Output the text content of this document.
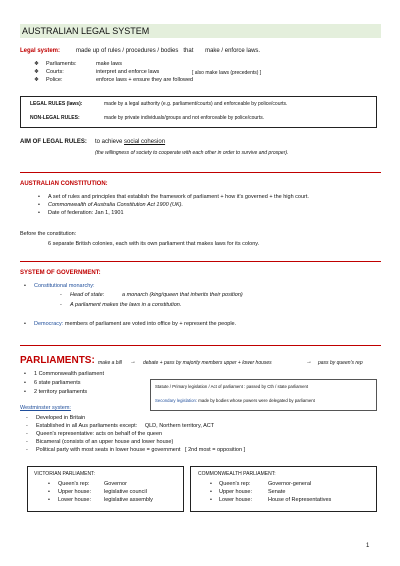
AUSTRALIAN LEGAL SYSTEM
Legal system:	made up of rules / procedures / bodies   that       make / enforce laws.
❖ Parliaments:	make laws
❖ Courts:	interpret and enforce laws	[ also make laws (precedents) ]
❖ Police:	enforce laws + ensure they are followed
LEGAL RULES (laws):	made by a legal authority (e.g. parliament/courts) and enforceable by police/courts.
NON-LEGAL RULES:	made by private individuals/groups and not enforceable by police/courts.
AIM OF LEGAL RULES: to achieve social cohesion
(the willingness of society to cooperate with each other in order to survive and prosper).
AUSTRALIAN CONSTITUTION:
• A set of rules and principles that establish the framework of parliament + how it's governed + the high court.
• Commonwealth of Australia Constitution Act 1900 (UK).
• Date of federation: Jan 1, 1901
Before the constitution:
6 separate British colonies, each with its own parliament that makes laws for its colony.
SYSTEM OF GOVERNMENT:
• Constitutional monarchy:
- Head of state:	a monarch (king/queen that inherits their position)
- A parliament makes the laws in a constitution.
• Democracy: members of parliament are voted into office by + represent the people.
PARLIAMENTS: make a bill → debate + pass by majority members upper + lower houses	→ pass by queen's rep
• 1 Commonwealth parliament
• 6 state parliaments
• 2 territory parliaments
Statute / Primary legislation / Act of parliament : passed by Cth / state parliament
Secondary legislation: made by bodies whose powers were delegated by parliament
Westminster system:
- Developed in Britain
- Established in all Aus parliaments except:     QLD, Northern territory, ACT
- Queen's representative: acts on behalf of the queen
- Bicameral (consists of an upper house and lower house)
- Political party with most seats in lower house = government   [ 2nd most = opposition ]
VICTORIAN PARLIAMENT:
• Queen's rep:	Governor
• Upper house: legislative council
• Lower house: legislative assembly
COMMONWEALTH PARLIAMENT:
• Queen's rep:	Governor-general
• Upper house:	Senate
• Lower house:	House of Representatives
1
